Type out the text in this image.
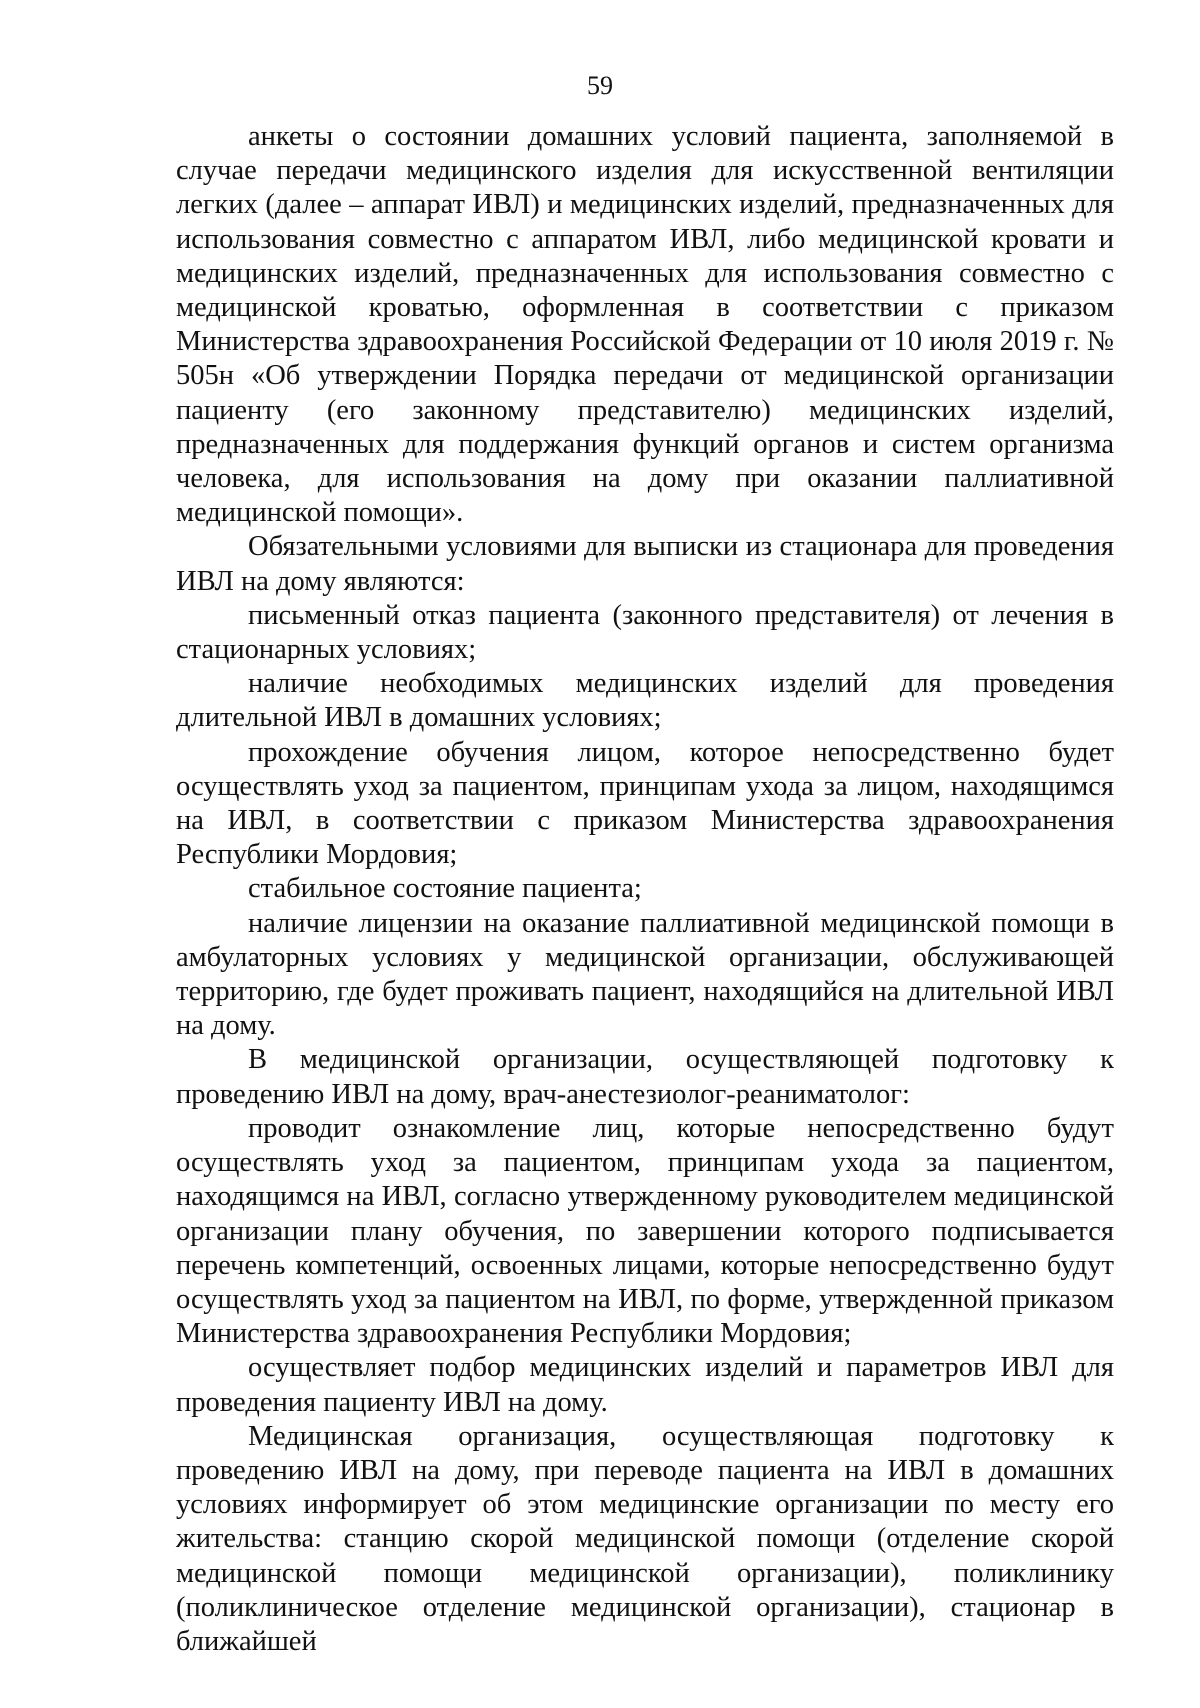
59

анкеты о состоянии домашних условий пациента, заполняемой в случае передачи медицинского изделия для искусственной вентиляции легких (далее – аппарат ИВЛ) и медицинских изделий, предназначенных для использования совместно с аппаратом ИВЛ, либо медицинской кровати и медицинских изделий, предназначенных для использования совместно с медицинской кроватью, оформленная в соответствии с приказом Министерства здравоохранения Российской Федерации от 10 июля 2019 г. № 505н «Об утверждении Порядка передачи от медицинской организации пациенту (его законному представителю) медицинских изделий, предназначенных для поддержания функций органов и систем организма человека, для использования на дому при оказании паллиативной медицинской помощи».

Обязательными условиями для выписки из стационара для проведения ИВЛ на дому являются:

письменный отказ пациента (законного представителя) от лечения в стационарных условиях;

наличие необходимых медицинских изделий для проведения длительной ИВЛ в домашних условиях;

прохождение обучения лицом, которое непосредственно будет осуществлять уход за пациентом, принципам ухода за лицом, находящимся на ИВЛ, в соответствии с приказом Министерства здравоохранения Республики Мордовия;

стабильное состояние пациента;

наличие лицензии на оказание паллиативной медицинской помощи в амбулаторных условиях у медицинской организации, обслуживающей территорию, где будет проживать пациент, находящийся на длительной ИВЛ на дому.

В медицинской организации, осуществляющей подготовку к проведению ИВЛ на дому, врач-анестезиолог-реаниматолог:

проводит ознакомление лиц, которые непосредственно будут осуществлять уход за пациентом, принципам ухода за пациентом, находящимся на ИВЛ, согласно утвержденному руководителем медицинской организации плану обучения, по завершении которого подписывается перечень компетенций, освоенных лицами, которые непосредственно будут осуществлять уход за пациентом на ИВЛ, по форме, утвержденной приказом Министерства здравоохранения Республики Мордовия;

осуществляет подбор медицинских изделий и параметров ИВЛ для проведения пациенту ИВЛ на дому.

Медицинская организация, осуществляющая подготовку к проведению ИВЛ на дому, при переводе пациента на ИВЛ в домашних условиях информирует об этом медицинские организации по месту его жительства: станцию скорой медицинской помощи (отделение скорой медицинской помощи медицинской организации), поликлинику (поликлиническое отделение медицинской организации), стационар в ближайшей
